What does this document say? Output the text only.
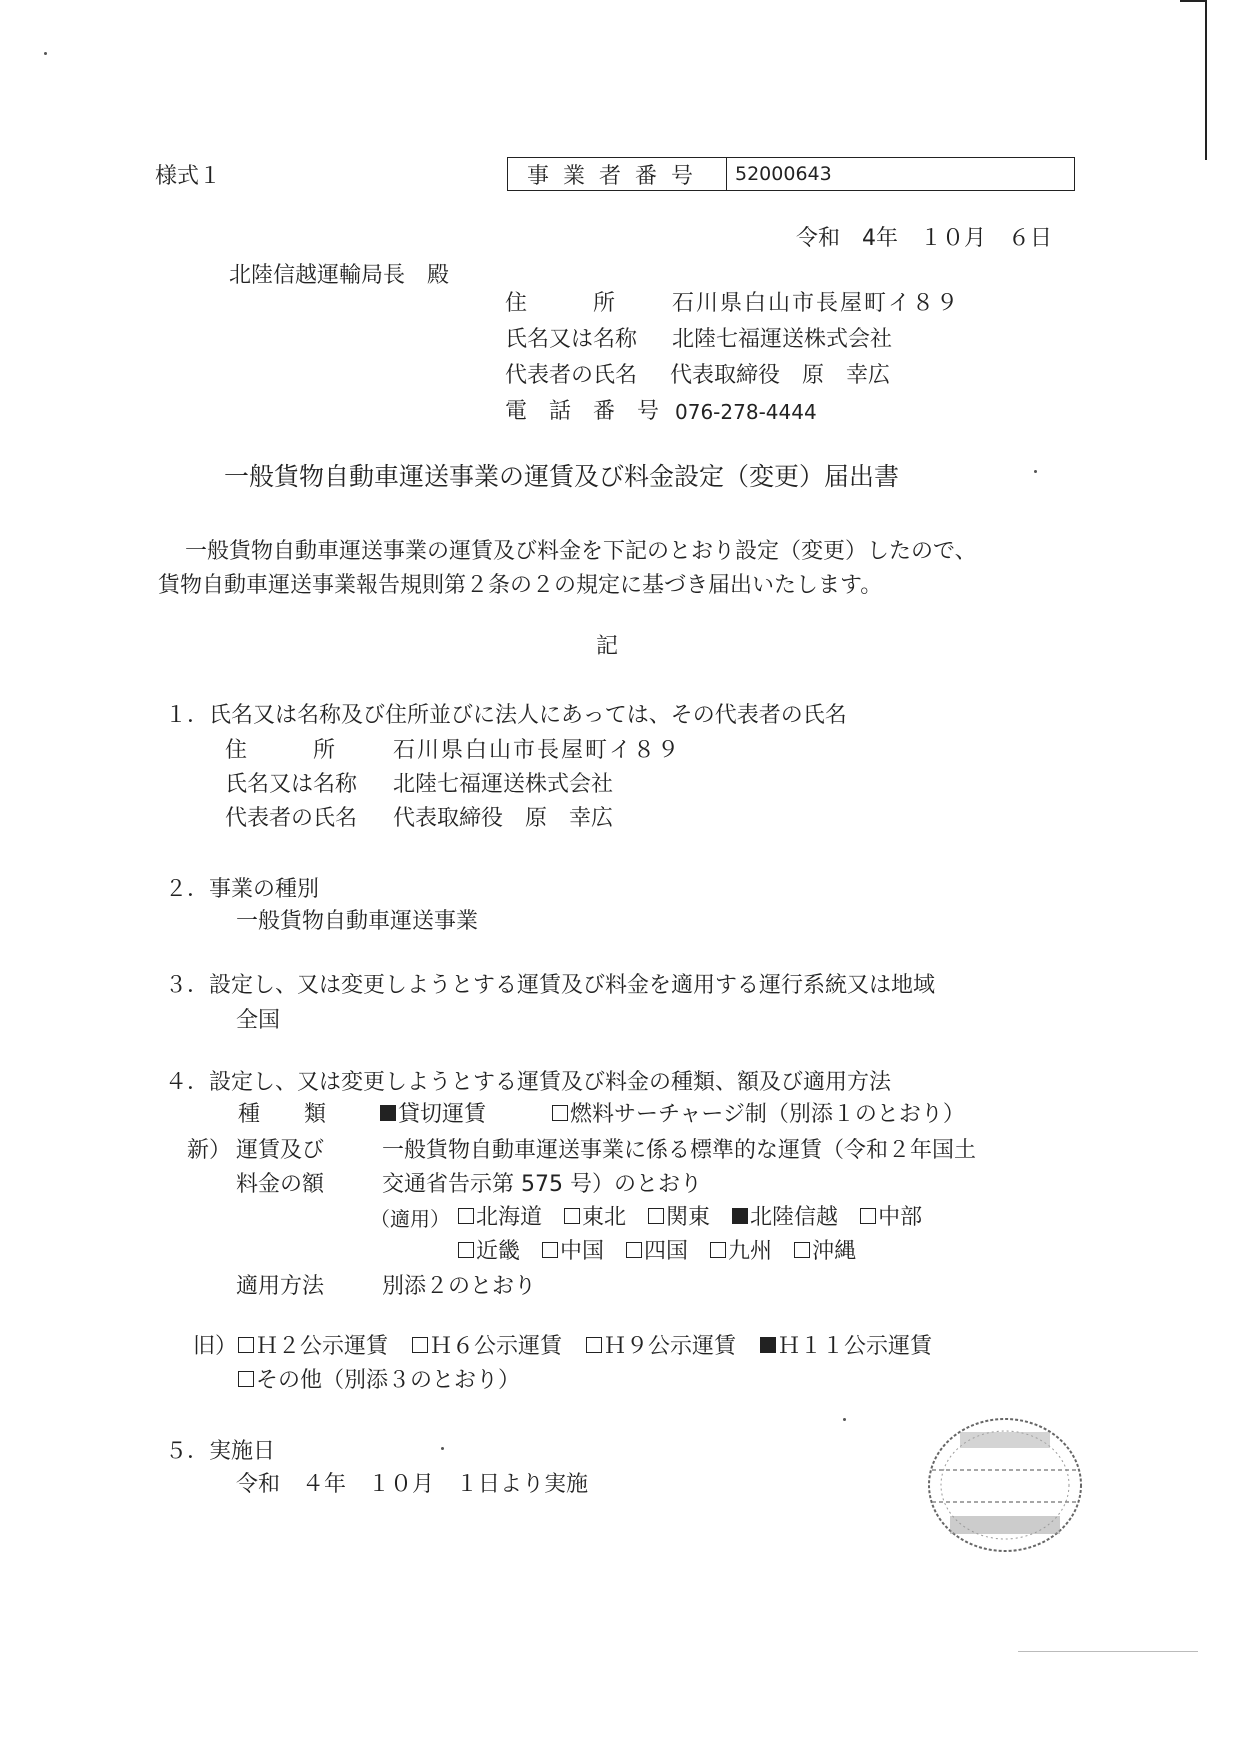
様式１	事業者番号	52000643
令和　4年　１０月　６日
北陸信越運輸局長　殿
住　　　所	石川県白山市長屋町イ８９
氏名又は名称 北陸七福運送株式会社
代表者の氏名 代表取締役　原　幸広
電　話　番　号 076-278-4444
一般貨物自動車運送事業の運賃及び料金設定（変更）届出書
一般貨物自動車運送事業の運賃及び料金を下記のとおり設定（変更）したので、
貨物自動車運送事業報告規則第２条の２の規定に基づき届出いたします。
記
１．氏名又は名称及び住所並びに法人にあっては、その代表者の氏名
住　　　所	石川県白山市長屋町イ８９
氏名又は名称 北陸七福運送株式会社
代表者の氏名 代表取締役　原　幸広
２．事業の種別
一般貨物自動車運送事業
３．設定し、又は変更しようとする運賃及び料金を適用する運行系統又は地域
全国
４．設定し、又は変更しようとする運賃及び料金の種類、額及び適用方法
種　　類	貸切運賃	燃料サーチャージ制（別添１のとおり）
新） 運賃及び	一般貨物自動車運送事業に係る標準的な運賃（令和２年国土
料金の額	交通省告示第 575 号）のとおり
（適用）	北海道 東北 関東 北陸信越 中部
近畿 中国 四国 九州 沖縄
適用方法	別添２のとおり
旧） Ｈ２公示運賃 Ｈ６公示運賃 Ｈ９公示運賃 Ｈ１１公示運賃
その他（別添３のとおり）
５．実施日
令和　４年　１０月　１日より実施
